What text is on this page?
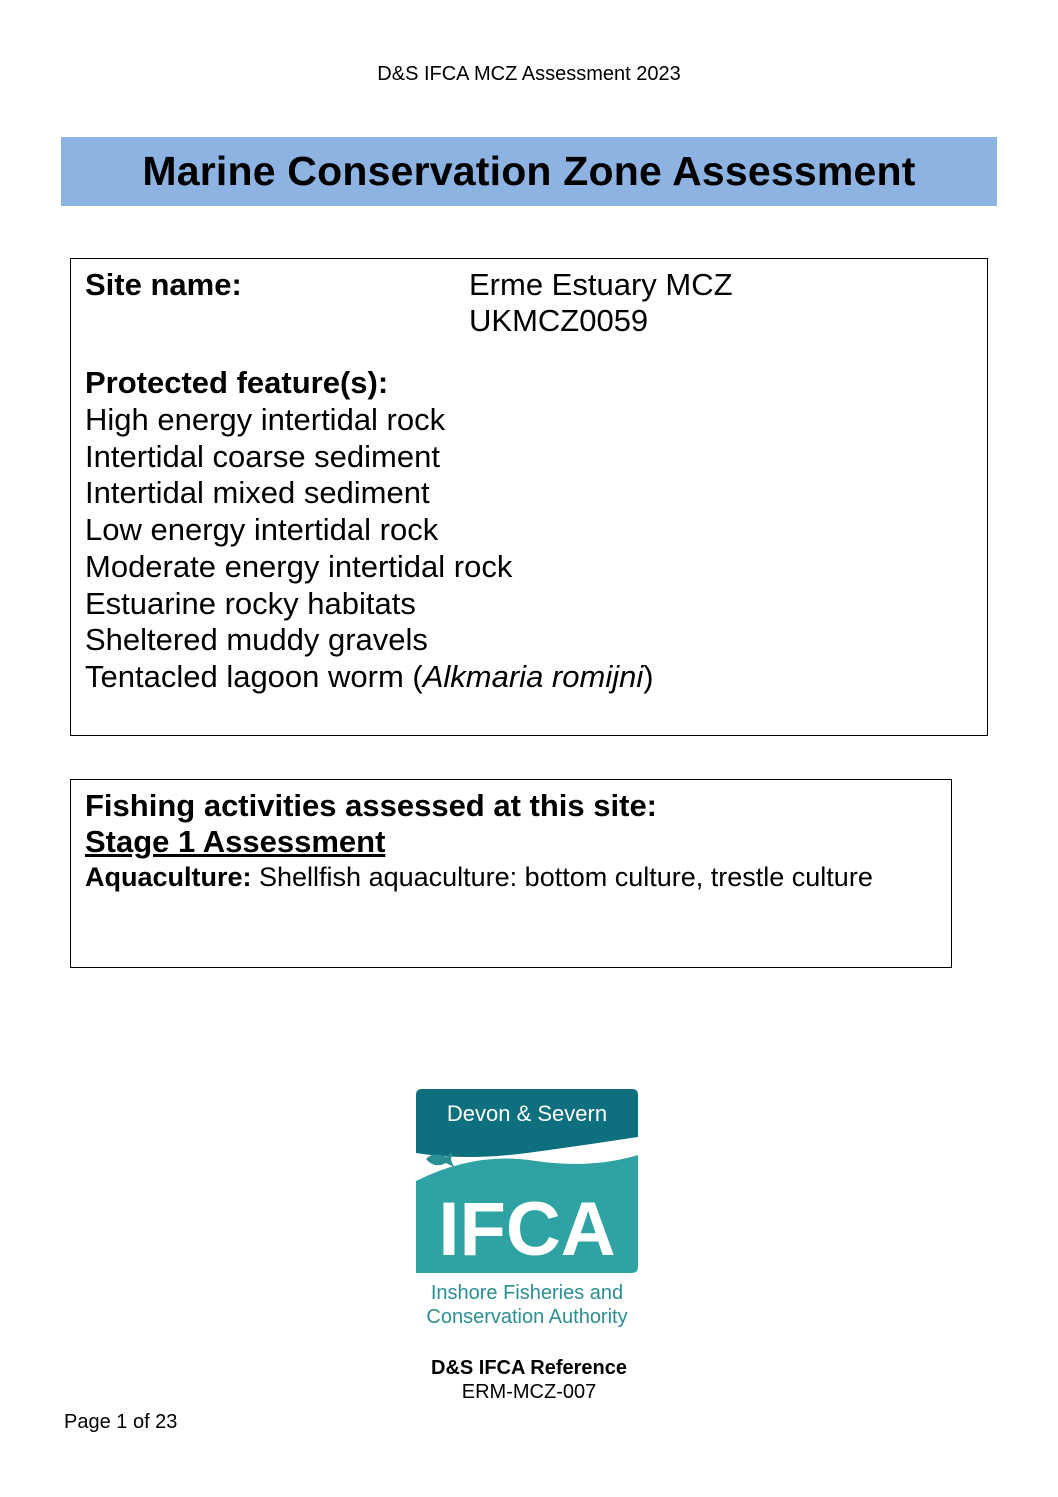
D&S IFCA MCZ Assessment 2023
Marine Conservation Zone Assessment
Site name:	Erme Estuary MCZ
UKMCZ0059
Protected feature(s):
High energy intertidal rock
Intertidal coarse sediment
Intertidal mixed sediment
Low energy intertidal rock
Moderate energy intertidal rock
Estuarine rocky habitats
Sheltered muddy gravels
Tentacled lagoon worm (Alkmaria romijni)
Fishing activities assessed at this site:
Stage 1 Assessment
Aquaculture: Shellfish aquaculture: bottom culture, trestle culture
Devon & Severn
IFCA
Inshore Fisheries and
Conservation Authority
D&S IFCA Reference
ERM-MCZ-007
Page 1 of 23
